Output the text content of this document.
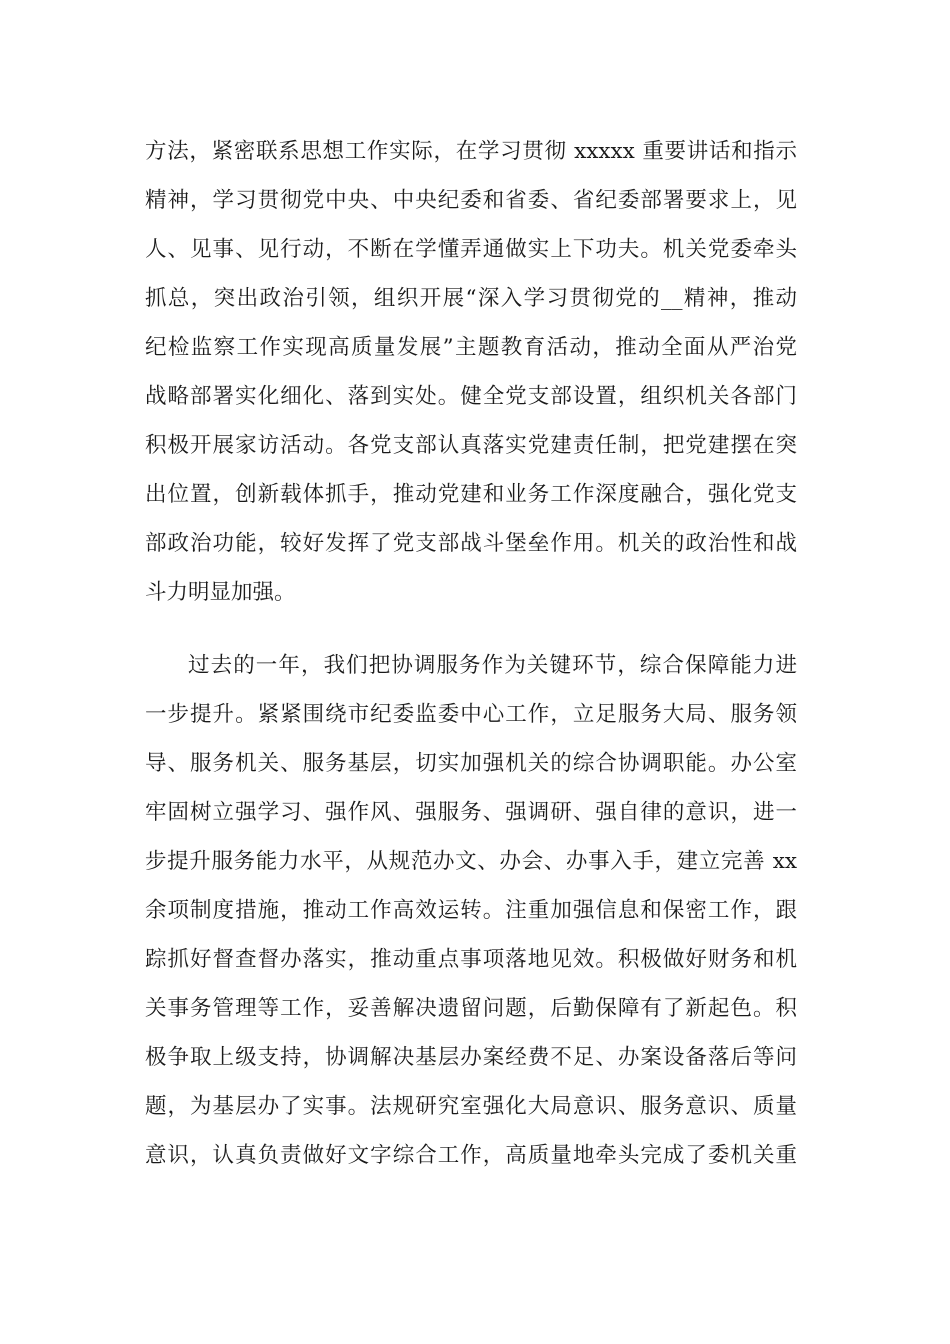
方法，紧密联系思想工作实际，在学习贯彻 xxxxx 重要讲话和指示
精神，学习贯彻党中央、中央纪委和省委、省纪委部署要求上，见
人、见事、见行动，不断在学懂弄通做实上下功夫。机关党委牵头
抓总，突出政治引领，组织开展“深入学习贯彻党的__精神，推动
纪检监察工作实现高质量发展”主题教育活动，推动全面从严治党
战略部署实化细化、落到实处。健全党支部设置，组织机关各部门
积极开展家访活动。各党支部认真落实党建责任制，把党建摆在突
出位置，创新载体抓手，推动党建和业务工作深度融合，强化党支
部政治功能，较好发挥了党支部战斗堡垒作用。机关的政治性和战
斗力明显加强。
过去的一年，我们把协调服务作为关键环节，综合保障能力进
一步提升。紧紧围绕市纪委监委中心工作，立足服务大局、服务领
导、服务机关、服务基层，切实加强机关的综合协调职能。办公室
牢固树立强学习、强作风、强服务、强调研、强自律的意识，进一
步提升服务能力水平，从规范办文、办会、办事入手，建立完善 xx
余项制度措施，推动工作高效运转。注重加强信息和保密工作，跟
踪抓好督查督办落实，推动重点事项落地见效。积极做好财务和机
关事务管理等工作，妥善解决遗留问题，后勤保障有了新起色。积
极争取上级支持，协调解决基层办案经费不足、办案设备落后等问
题，为基层办了实事。法规研究室强化大局意识、服务意识、质量
意识，认真负责做好文字综合工作，高质量地牵头完成了委机关重
